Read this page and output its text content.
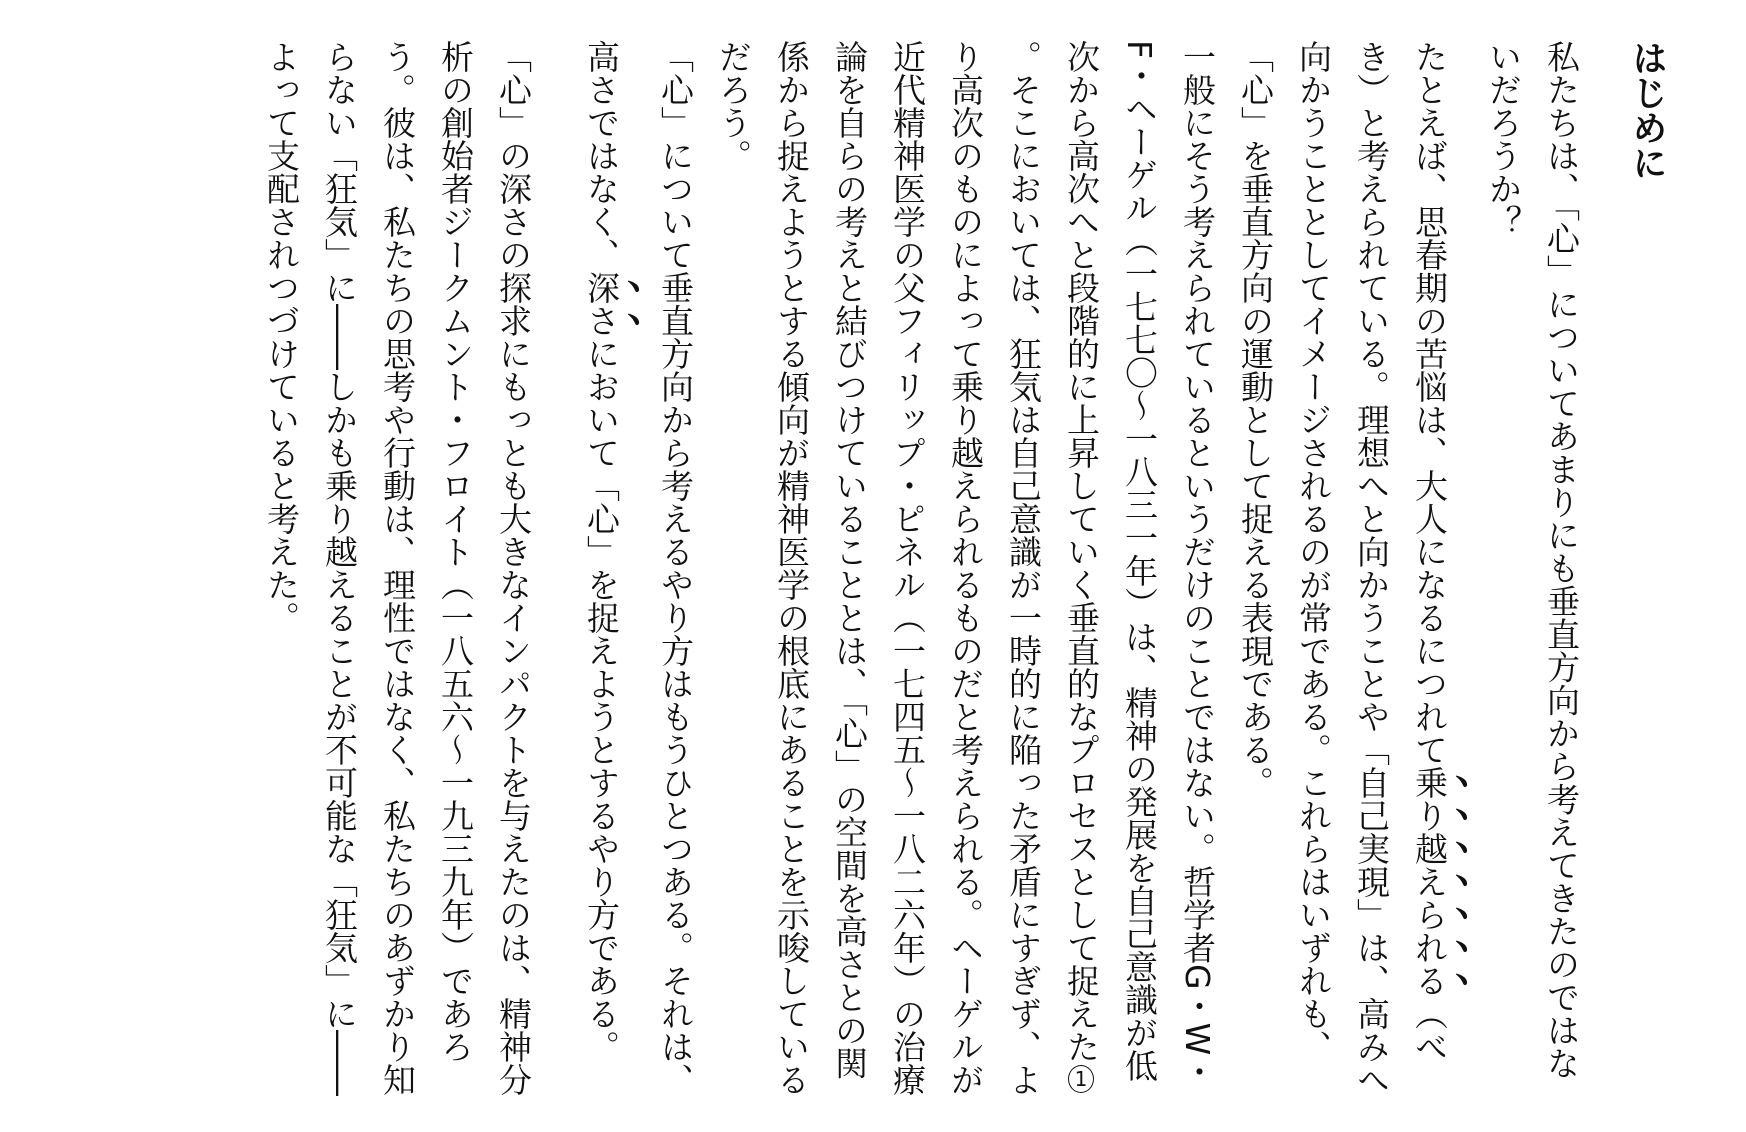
はじめに

私たちは、「心」についてあまりにも垂直方向から考えてきたのではないだろうか？

たとえば、思春期の苦悩は、大人になるにつれて乗り越えられる（べき）と考えられている。理想へと向かうことや「自己実現」は、高みへ向かうこととしてイメージされるのが常である。これらはいずれも、「心」を垂直方向の運動として捉える表現である。

一般にそう考えられているというだけのことではない。哲学者G・W・F・ヘーゲル（一七七〇〜一八三一年）は、精神の発展を自己意識が低次から高次へと段階的に上昇していく垂直的なプロセスとして捉えた1。そこにおいては、狂気は自己意識が一時的に陥った矛盾にすぎず、より高次のものによって乗り越えられるものだと考えられる。ヘーゲルが近代精神医学の父フィリップ・ピネル（一七四五〜一八二六年）の治療論を自らの考えと結びつけていることとは、「心」の空間を高さとの関係から捉えようとする傾向が精神医学の根底にあることを示唆しているだろう。

「心」について垂直方向から考えるやり方はもうひとつある。それは、高さではなく、深さにおいて「心」を捉えようとするやり方である。

「心」の深さの探求にもっとも大きなインパクトを与えたのは、精神分析の創始者ジークムント・フロイト（一八五六〜一九三九年）であろう。彼は、私たちの思考や行動は、理性ではなく、私たちのあずかり知らない「狂気」に――しかも乗り越えることが不可能な「狂気」に――よって支配されつづけていると考えた。
